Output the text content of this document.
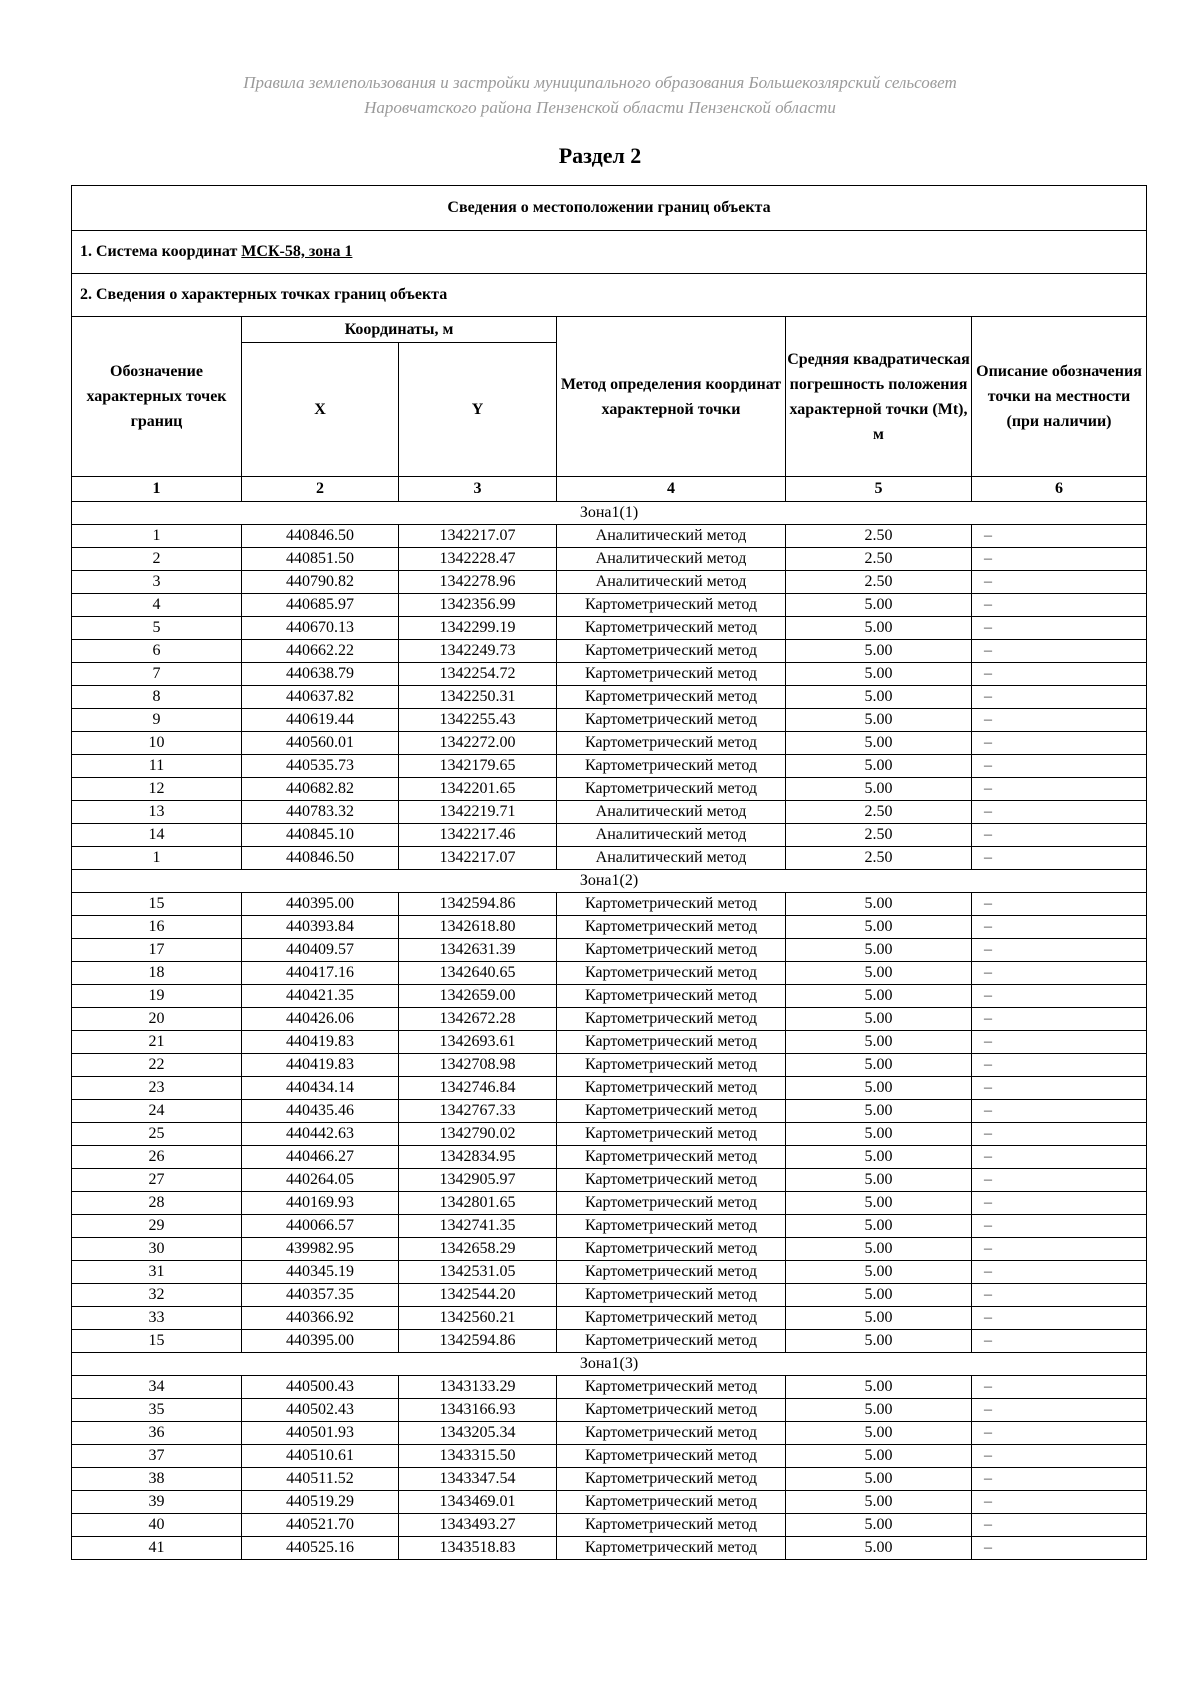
Правила землепользования и застройки муниципального образования Большекозлярский сельсовет
Наровчатского района Пензенской области Пензенской области
Раздел 2
Сведения о местоположении границ объекта					
1. Система координат МСК-58, зона 1					
2. Сведения о характерных точках границ объекта					
Обозначение характерных точек границ	Координаты, м		Метод определения координат характерной точки	Средняя квадратическая погрешность положения характерной точки (Mt), м	Описание обозначения точки на местности (при наличии)
	X	Y			
1	2	3	4	5	6
Зона1(1)					
1	440846.50	1342217.07	Аналитический метод	2.50	–
2	440851.50	1342228.47	Аналитический метод	2.50	–
3	440790.82	1342278.96	Аналитический метод	2.50	–
4	440685.97	1342356.99	Картометрический метод	5.00	–
5	440670.13	1342299.19	Картометрический метод	5.00	–
6	440662.22	1342249.73	Картометрический метод	5.00	–
7	440638.79	1342254.72	Картометрический метод	5.00	–
8	440637.82	1342250.31	Картометрический метод	5.00	–
9	440619.44	1342255.43	Картометрический метод	5.00	–
10	440560.01	1342272.00	Картометрический метод	5.00	–
11	440535.73	1342179.65	Картометрический метод	5.00	–
12	440682.82	1342201.65	Картометрический метод	5.00	–
13	440783.32	1342219.71	Аналитический метод	2.50	–
14	440845.10	1342217.46	Аналитический метод	2.50	–
1	440846.50	1342217.07	Аналитический метод	2.50	–
Зона1(2)					
15	440395.00	1342594.86	Картометрический метод	5.00	–
16	440393.84	1342618.80	Картометрический метод	5.00	–
17	440409.57	1342631.39	Картометрический метод	5.00	–
18	440417.16	1342640.65	Картометрический метод	5.00	–
19	440421.35	1342659.00	Картометрический метод	5.00	–
20	440426.06	1342672.28	Картометрический метод	5.00	–
21	440419.83	1342693.61	Картометрический метод	5.00	–
22	440419.83	1342708.98	Картометрический метод	5.00	–
23	440434.14	1342746.84	Картометрический метод	5.00	–
24	440435.46	1342767.33	Картометрический метод	5.00	–
25	440442.63	1342790.02	Картометрический метод	5.00	–
26	440466.27	1342834.95	Картометрический метод	5.00	–
27	440264.05	1342905.97	Картометрический метод	5.00	–
28	440169.93	1342801.65	Картометрический метод	5.00	–
29	440066.57	1342741.35	Картометрический метод	5.00	–
30	439982.95	1342658.29	Картометрический метод	5.00	–
31	440345.19	1342531.05	Картометрический метод	5.00	–
32	440357.35	1342544.20	Картометрический метод	5.00	–
33	440366.92	1342560.21	Картометрический метод	5.00	–
15	440395.00	1342594.86	Картометрический метод	5.00	–
Зона1(3)					
34	440500.43	1343133.29	Картометрический метод	5.00	–
35	440502.43	1343166.93	Картометрический метод	5.00	–
36	440501.93	1343205.34	Картометрический метод	5.00	–
37	440510.61	1343315.50	Картометрический метод	5.00	–
38	440511.52	1343347.54	Картометрический метод	5.00	–
39	440519.29	1343469.01	Картометрический метод	5.00	–
40	440521.70	1343493.27	Картометрический метод	5.00	–
41	440525.16	1343518.83	Картометрический метод	5.00	–
